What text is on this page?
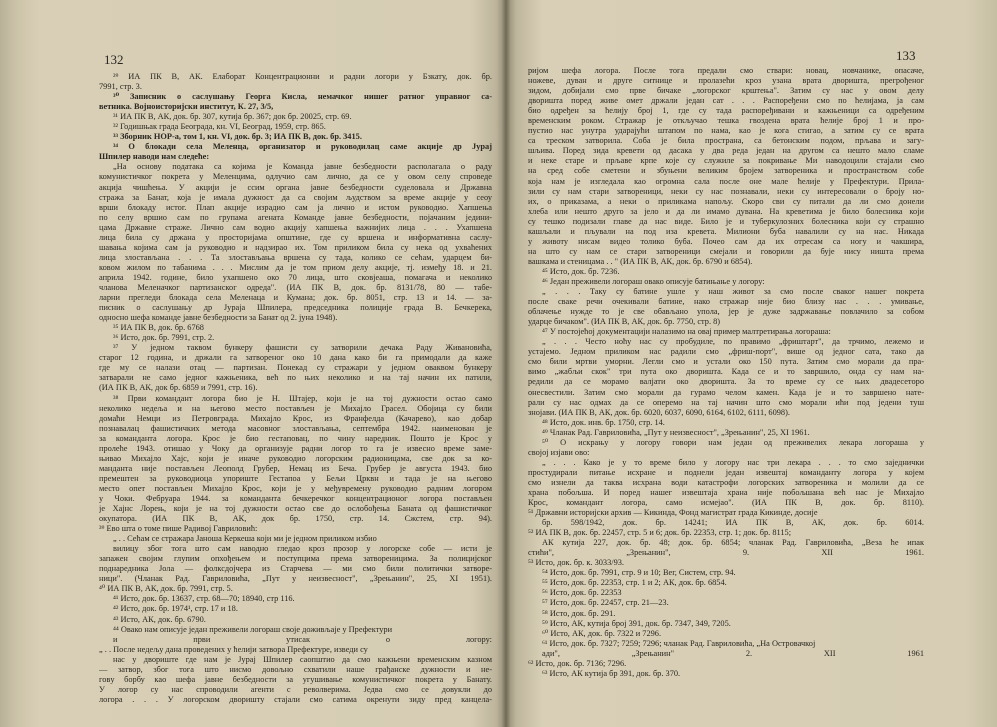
132
²⁹ ИА ПК В, АК. Елаборат Концентрационни и радни логори у Бзкату, док. бр.
7991, стр. 3.
³⁰ Записник о саслушању Георга Кисла, немачког нишег ратног управног са-
ветника. Војноисторијски институт, К. 27, 3/5,
³¹ ИА ПК В, АК, док. бр. 307, кутија бр. 367; док бр. 20025, стр. 69.
³² Годишњак града Београда, кн. VI, Београд, 1959, стр. 865.
³³ Зборник НОР-а, том 1, кн. VI, док. бр. 3; ИА ПК В, док. бр. 3415.
³⁴ О блокади села Меленца, организатор и руководилац саме акције др Јурај
Шпилер наводи нам следеће:
„На основу података са којима је Команда јавне безбедности располагала о раду
комунистичког покрета у Меленцима, одлучио сам лично, да се у овом селу спроведе
акција чишћења. У акцији је ссим органа јавне безбедности суделовала и Државна
стража за Банат, која је имала дужност да са својим људством за време акције у сеоу
врши блокаду истог. Плап акције израдио сам ја лично и истом руководио. Хапшења
по селу вршио сам по групама агената Команде јавне безбедности, појачаним једини-
цама Државне страже. Лично сам водио акцију хапшења важнијих лица . . . Ухапшена
лица била су држана у просторијама општине, где су вршена и информативна саслу-
шавања којима сам ја руководио и надзирао их. Том приликом била су нека од ухваћених
лица злостављана . . . Та злостављања вршена су тада, колико се сећам, ударцем би-
ковом жилом по табанима . . . Мислим да је том приом делу акције, тј. између 18. и 21.
априла 1942. године, било ухапшено око 70 лица, што сковјеаша, помагача и неколико
чланова Меленачког партизанског одреда". (ИА ПК В, док. бр. 8131/78, 80 — табе-
ларни прегледи блокада села Меленаца и Кумана; док. бр. 8051, стр. 13 и 14. — за-
писник о саслушању др Јураја Шпилера, председника полиције града В. Бечкерека,
односно шефа команде јавне безбедности за Банат од 2. јуна 1948).
³⁵ ИА ПК В, док. бр. 6768
³⁶ Исто, док. бр. 7991, стр. 2.
³⁷ У једном таквом бункеру фашисти су затворили дечака Раду Живановића,
старог 12 година, и држали га затвореног око 10 дана како би га примодали да каже
где му се налази отац — партизан. Понекад су стражари у једном оваквом бункеру
затварали не само једног кажњеника, већ по њих неколико и на тај начин их патили,
(ИА ПК В, АК, док бр. 6859 и 7991, стр. 16).
³⁸ Први командант логора био је Н. Штајер, који је на тој дужности остао само
неколико недеља и на његово место постављен је Михајло Грасел. Обојица су били
домаћи Немци из Петровграда. Михајло Крос, из Франфелда (Качарево), као добар
познавалац фашистичких метода масовног злостављања, септембра 1942. наименован је
за команданта логора. Крос је био гестаповац, по чину наредник. Пошто је Крос у
пролеће 1943. отишао у Чоку да организује радни логор то га је извесно време заме-
њивао Михајло Хајс, који је иначе руководио логорским радионицама, све док за ко-
манданта није постављен Леополд Грубер, Немац из Беча. Грубер је августа 1943. био
премештен за руководиоца упориште Гестапоа у Бељи Црквн и тада је на његово
место опет постављен Михајло Крос, који је у међувремену руководио радним логором
у Чоки. Фебруара 1944. за команданта бечкеречког концентрационог логора постављен
је Хајнс Лорењ, који је на тој дужности остао све до ослобођења Баната од фашистичког
окупатора. (ИА ПК В, АК, док бр. 1750, стр. 14. Сжстем, стр. 94).
³⁹ Ево шта о томе пише Радивој Гавриловић:
„ . . Сећам се стражара Јаноша Керкеша који ми је једном приликом избио
вилицу због тога што сам наводно гледао кроз прозор у логорске собе — исти је
запажен својим глупим опхођењем и поступцима према затвореницима. За полицијског
поднаредника Јола — фолксдојчера из Старчева — ми смо били политички затворе-
ници". (Чланак Рад. Гавриловића, „Пут у неизвесност", „Зрењанин", 25, XI 1951).
⁴⁰ ИА ПК В, АК, док. бр. 7991, стр. 5.
⁴¹ Исто, док. бр. 13637, стр. 68—70; 18940, стр 116.
⁴² Исто, док. бр. 1974¹, стр. 17 и 18.
⁴³ Исто, АК, док. бр. 6790.
⁴⁴ Овако нам описује један преживели логораш своје доживљаје у Префектури
и први утисак о логору:
„ . . После недељу дана проведених у ћелији затвора Префектуре, изведи су
нас у двориште где нам је Јурај Шпилер саопштио да смо кажњени временским казном
— затвор, због тога што нисмо довољно схватили наше грађанске дужности и не-
говy борбу као шефа јавне безбедности за угушивање комунистичког покрета у Банату.
У логор су нас спроводили агенти с револверима. Једва смо се довукли до
логора . . . У логорском дворишту стајали смо сатима окренути зиду пред канцела-
133
ријом шефа логора. После тога предали смо ствари: новац, новчанике, опасаче,
ножеве, дуван и друге ситнице и пролазећи кроз узана врата дворишта, прегрођеног
зидом, добијали смо прве бичаке „логорског крштења". Затим су нас у овом делу
дворишта поред живе омет држали један сат . . . Распоређени смо по ћелијама, ја сам
био одређен за ћелију број 1, где су тада распоређивани и кажњеници са одређеним
временским роком. Стражар је откључао тешка гвоздена врата ћелије број 1 и про-
пустио нас унутра ударајући штапом по нама, као је кога стигао, а затим су се врата
са треском затворила. Соба је била пространа, са бетонским подом, прљава и загу-
шљива. Поред зида кревети од дасака у два реда један на другом са нешто мало сламе
и неке старе и прљаве крпе које су служиле за покривање Ми наводоцили стајали смо
на сред собе сметени и збуњени великим бројем затвореника и пространством собе
која нам је изгледала као огромна сала после оне мале ћелије у Префектури. Прила-
зили су нам стари затвореници, неки су нас познавали, неки су интересовали о броју но-
их, о приказама, а неки о приликама напољу. Скоро сви су питали да ли смо донели
хлеба или нешто друго за јело и да ли имамо дувана. На креветима је било болесника који
су тешко подизали главе да нас виде. Било је и туберкулозних болесника који су страшно
кашљали и пљували на под иза кревета. Милиони буба навалили су на нас. Никада
у животу нисам видео толико буба. Почео сам да их отресам са ногу и чакшира,
на што су нам се стари затвореници смејали и говорили да бује нису ништа према
вашкама и стеницама . . " (ИА ПК В, АК, док. бр. 6790 и 6854).
⁴⁵ Исто, док. бр. 7236.
⁴⁶ Један преживели логораш овако описује батињање у логору:
„ . . . Таку су батине ушле у наш живот за смо после сваког нашег покрета
после сваке речи очекивали батине, нако стражар није био близу нас . . . умивање,
облачење нужде то је све обављано упола, јер је дуже задржавање повлачило за собом
ударце бичаком". (ИА ПК В, АК, док. бр. 7750, стр. 8)
⁴⁷ У постојећој документацији налазимо на овај пример малтретирања логораша:
„ . . . Често ноћу нас су пробудиле, по правимо „фриштарт", да трчимо, лежемо и
устајемо. Једном приликом нас радили смо „фриш-порт", више од једног сата, тако да
смо били мртви уморни. Легли смо и устали око 150 пута. Затим смо морали да пра-
вимо „жабљи скок" три пута око дворишта. Када се и то завршило, онда су нам на-
редили да се морамо валјати око дворишта. За то време су се њих двадесеторо
онесвестили. Затим смо морали да гурамо челом камен. Када је и то завршено нате-
рали су нас одмах да се оперемо на тај начин што смо морали ићи под једени туш
знојави. (ИА ПК В, АК, док. бр. 6020, 6037, 6090, 6164, 6102, 6111, 6098).
⁴⁸ Исто, док. инв. бр. 1750, стр. 14.
⁴⁹ Чланак Рад. Гавриловића, „Пут у неизвесност", „Зрењанин", 25, XI 1961.
⁵⁰ О искрању у логору говори нам један од преживелих лекара логораша у
својој изјави ово:
„ . . . Како је у то време било у логору нас три лекара . . . то смо заједнички
простудирали питање исхране и поднели један извештај команданту логора у којем
смо изнели да таква исхрана води катастрофи логорских затвореника и молили да се
храна побољша. И поред нашег извештаја храна није побољшана већ нас је Михајло
Крос, командант логора, само исмејао". (ИА ПК В, док. бр. 8110).
⁵¹ Државни историјски архив — Кикинда, Фонд магистрат града Кикинде, досије
бр. 598/1942, док. бр. 14241; ИА ПК В, АК, док. бр. 6014.
⁵² ИА ПК В, док. бр. 22457, стр. 5 и 6; док. бр. 22353, стр. 1; док. бр. 8115;
АК кутија 227, док. бр. 48; док. бр. 6854; чланак Рад. Гавриловића, „Веза ће ипак
стићи", „Зрењанин", 9. XII 1961.
⁵³ Исто, док. бр. к. 3033/93.
⁵⁴ Исто, док. бр. 7991, стр. 9 и 10; Вег, Систем, стр. 94.
⁵⁵ Исто, док. бр. 22353, стр. 1 и 2; АК, док. бр. 6854.
⁵⁶ Исто, док. бр. 22353
⁵⁷ Исто, док. бр. 22457, стр. 21—23.
⁵⁸ Исто, док. бр. 291.
⁵⁹ Исто, АК, кутија број 391, док. бр. 7347, 349, 7205.
⁶⁰ Исто, АК, док. бр. 7322 и 7296.
⁶¹ Исто, док. бр. 7327; 7259; 7296; чланак Рад. Гавриловића, „На Островачкој
ади", „Зрењанин" 2. XII 1961
⁶² Исто, док. бр. 7136; 7296.
⁶³ Исто, АК кутија бр 391, док. бр. 370.
